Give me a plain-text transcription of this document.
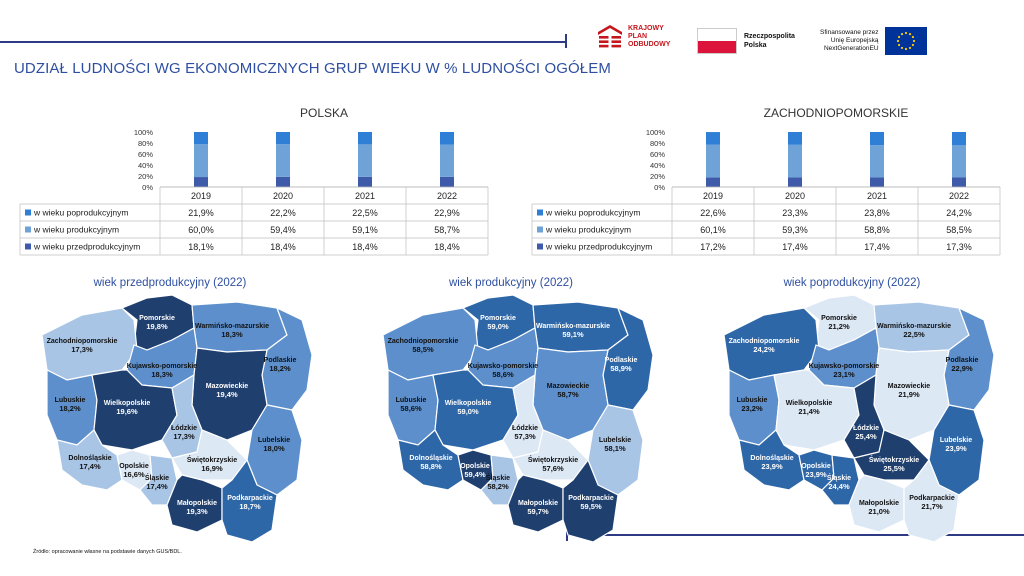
KRAJOWY
PLAN
ODBUDOWY
Rzeczpospolita
Polska
Sfinansowane przez
Unię Europejską
NextGenerationEU
UDZIAŁ LUDNOŚCI WG EKONOMICZNYCH GRUP WIEKU W % LUDNOŚCI OGÓŁEM
POLSKA
100%
80%
60%
40%
20%
0%
2019	2020	2021	2022
w wieku poprodukcyjnym	21,9%	22,2%	22,5%	22,9%
w wieku produkcyjnym	60,0%	59,4%	59,1%	58,7%
w wieku przedprodukcyjnym	18,1%	18,4%	18,4%	18,4%
ZACHODNIOPOMORSKIE
100%
80%
60%
40%
20%
0%
2019	2020	2021	2022
w wieku poprodukcyjnym	22,6%	23,3%	23,8%	24,2%
w wieku produkcyjnym	60,1%	59,3%	58,8%	58,5%
w wieku przedprodukcyjnym	17,2%	17,4%	17,4%	17,3%
wiek przedprodukcyjny (2022)
Pomorskie
19,8%	Warmińsko-mazurskie
18,3%
Zachodniopomorskie
17,3%
Kujawsko-pomorskie
18,3%
Podlaskie
18,2%
Lubuskie
18,2%
Wielkopolskie
19,6%
Mazowieckie
19,4%
Łódzkie
17,3%	Lubelskie
18,0%
Dolnośląskie
17,4%	Opolskie
16,6% Śląskie
17,4%
Świętokrzyskie
16,9%
Małopolskie
19,3%
Podkarpackie
18,7%
wiek produkcyjny (2022)
Pomorskie
59,0%	Warmińsko-mazurskie
59,1%
Zachodniopomorskie
58,5%
Kujawsko-pomorskie
58,6%
Podlaskie
58,9%
Lubuskie
58,6%
Wielkopolskie
59,0%
Mazowieckie
58,7%
Łódzkie
57,3%	Lubelskie
58,1%
Dolnośląskie
58,8%	Opolskie
59,4% Śląskie
58,2%
Świętokrzyskie
57,6%
Małopolskie
59,7%
Podkarpackie
59,5%
wiek poprodukcyjny (2022)
Pomorskie
21,2%	Warmińsko-mazurskie
22,5%
Zachodniopomorskie
24,2%
Kujawsko-pomorskie
23,1%
Podlaskie
22,9%
Lubuskie
23,2%
Wielkopolskie
21,4%
Mazowieckie
21,9%
Łódzkie
25,4%	Lubelskie
23,9%
Dolnośląskie
23,9%	Opolskie
23,9% Śląskie
24,4%
Świętokrzyskie
25,5%
Małopolskie
21,0%
Podkarpackie
21,7%
Źródło: opracowanie własne na podstawie danych GUS/BDL.
